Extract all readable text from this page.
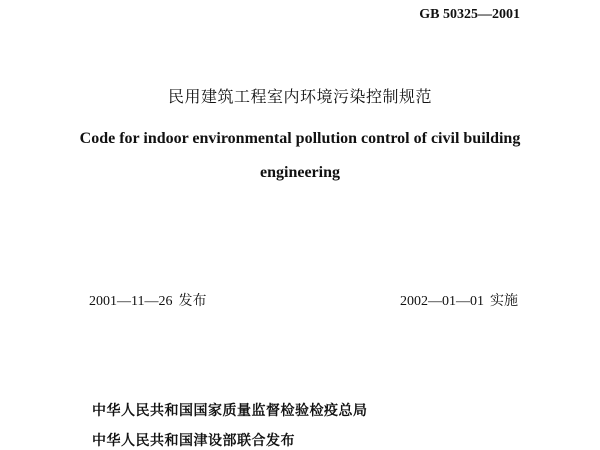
GB 50325—2001
民用建筑工程室内环境污染控制规范
Code for indoor environmental pollution control of civil building
engineering
2001—11—26 发布	2002—01—01 实施
中华人民共和国国家质量监督检验检疫总局
中华人民共和国津设部联合发布
